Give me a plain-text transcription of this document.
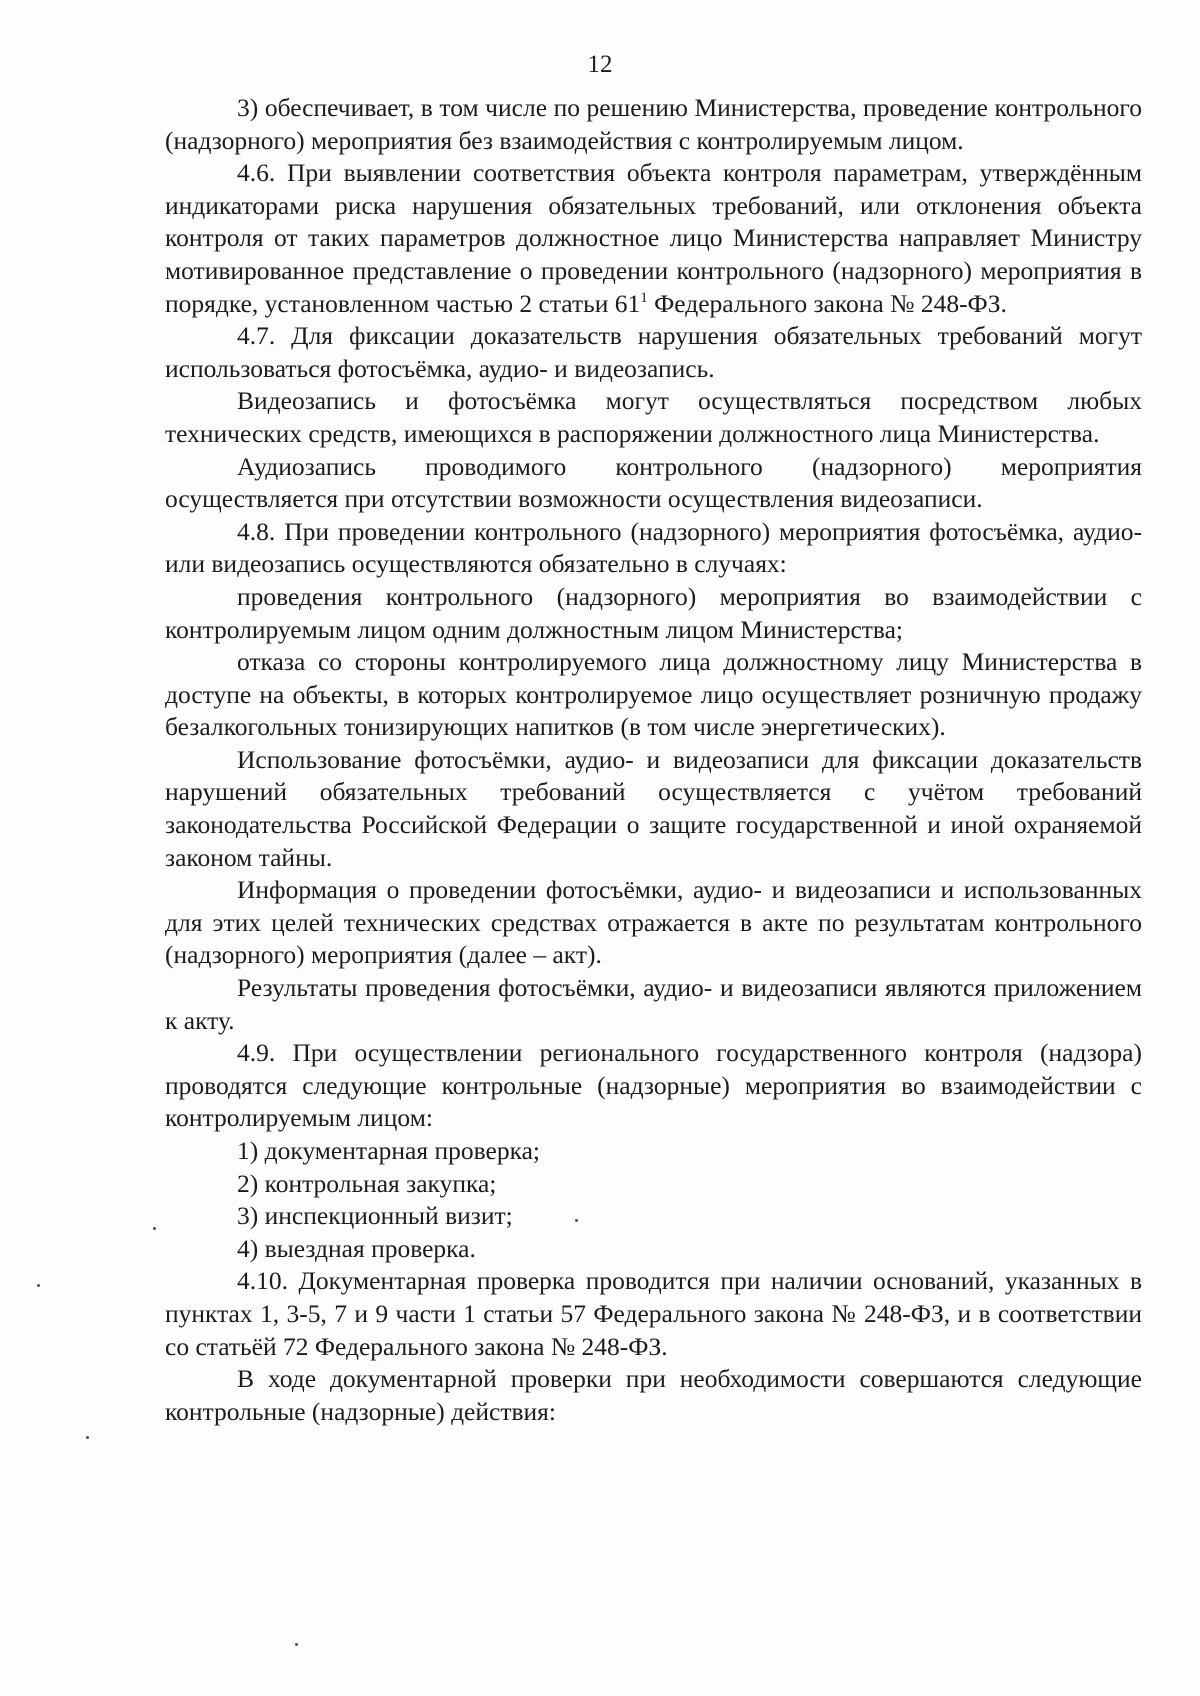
12

3) обеспечивает, в том числе по решению Министерства, проведение контрольного (надзорного) мероприятия без взаимодействия с контролируемым лицом.

4.6. При выявлении соответствия объекта контроля параметрам, утверждённым индикаторами риска нарушения обязательных требований, или отклонения объекта контроля от таких параметров должностное лицо Министерства направляет Министру мотивированное представление о проведении контрольного (надзорного) мероприятия в порядке, установленном частью 2 статьи $61^1$ Федерального закона № 248-ФЗ.

4.7. Для фиксации доказательств нарушения обязательных требований могут использоваться фотосъёмка, аудио- и видеозапись.

Видеозапись и фотосъёмка могут осуществляться посредством любых технических средств, имеющихся в распоряжении должностного лица Министерства.

Аудиозапись проводимого контрольного (надзорного) мероприятия осуществляется при отсутствии возможности осуществления видеозаписи.

4.8. При проведении контрольного (надзорного) мероприятия фотосъёмка, аудио- или видеозапись осуществляются обязательно в случаях:

проведения контрольного (надзорного) мероприятия во взаимодействии с контролируемым лицом одним должностным лицом Министерства;

отказа со стороны контролируемого лица должностному лицу Министерства в доступе на объекты, в которых контролируемое лицо осуществляет розничную продажу безалкогольных тонизирующих напитков (в том числе энергетических).

Использование фотосъёмки, аудио- и видеозаписи для фиксации доказательств нарушений обязательных требований осуществляется с учётом требований законодательства Российской Федерации о защите государственной и иной охраняемой законом тайны.

Информация о проведении фотосъёмки, аудио- и видеозаписи и использованных для этих целей технических средствах отражается в акте по результатам контрольного (надзорного) мероприятия (далее – акт).

Результаты проведения фотосъёмки, аудио- и видеозаписи являются приложением к акту.

4.9. При осуществлении регионального государственного контроля (надзора) проводятся следующие контрольные (надзорные) мероприятия во взаимодействии с контролируемым лицом:

1) документарная проверка;

2) контрольная закупка;

3) инспекционный визит;

4) выездная проверка.

4.10. Документарная проверка проводится при наличии оснований, указанных в пунктах 1, 3-5, 7 и 9 части 1 статьи 57 Федерального закона № 248-ФЗ, и в соответствии со статьёй 72 Федерального закона № 248-ФЗ.

В ходе документарной проверки при необходимости совершаются следующие контрольные (надзорные) действия:
